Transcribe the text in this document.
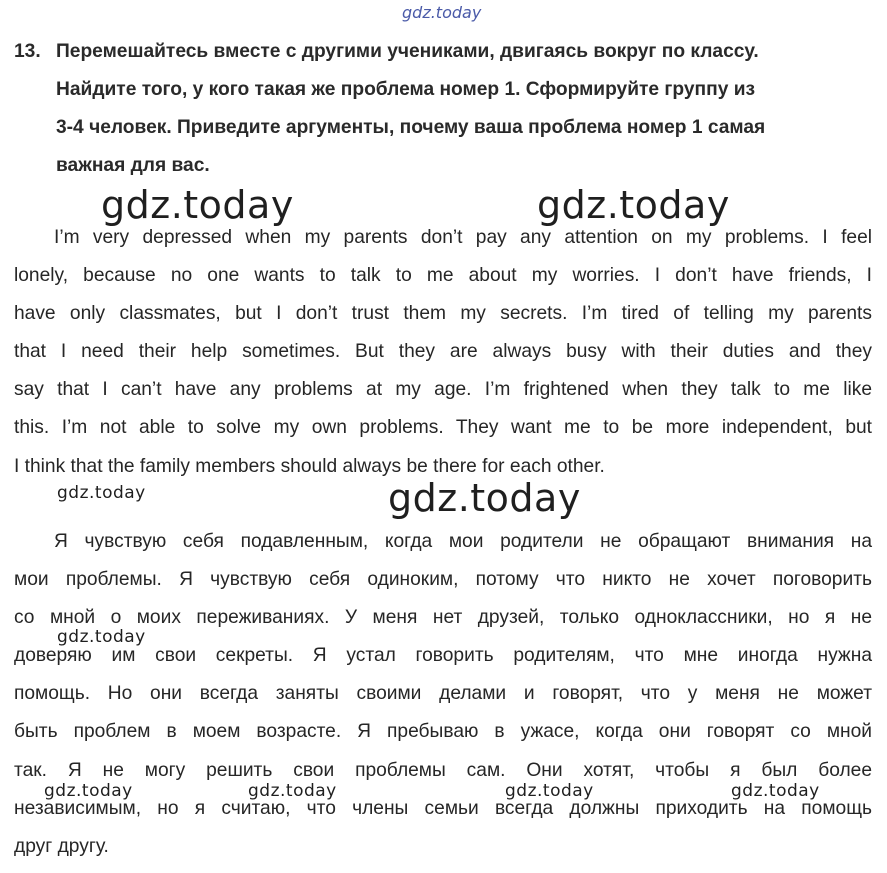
gdz.today
13. Перемешайтесь вместе с другими учениками, двигаясь вокруг по классу.
Найдите того, у кого такая же проблема номер 1. Сформируйте группу из
3-4 человек. Приведите аргументы, почему ваша проблема номер 1 самая
важная для вас.
gdz.today	gdz.today
I’m very depressed when my parents don’t pay any attention on my problems. I feel
lonely, because no one wants to talk to me about my worries. I don’t have friends, I
have only classmates, but I don’t trust them my secrets. I’m tired of telling my parents
that I need their help sometimes. But they are always busy with their duties and they
say that I can’t have any problems at my age. I’m frightened when they talk to me like
this. I’m not able to solve my own problems. They want me to be more independent, but
I think that the family members should always be there for each other.
gdz.today	gdz.today
Я чувствую себя подавленным, когда мои родители не обращают внимания на
мои проблемы. Я чувствую себя одиноким, потому что никто не хочет поговорить
со мной о моих переживаниях. У меня нет друзей, только одноклассники, но я не
доверяю им свои секреты. Я устал говорить родителям, что мне иногда нужна
помощь. Но они всегда заняты своими делами и говорят, что у меня не может
быть проблем в моем возрасте. Я пребываю в ужасе, когда они говорят со мной
так. Я не могу решить свои проблемы сам. Они хотят, чтобы я был более
независимым, но я считаю, что члены семьи всегда должны приходить на помощь
друг другу.
gdz.today
gdz.today	gdz.today	gdz.today	gdz.today
